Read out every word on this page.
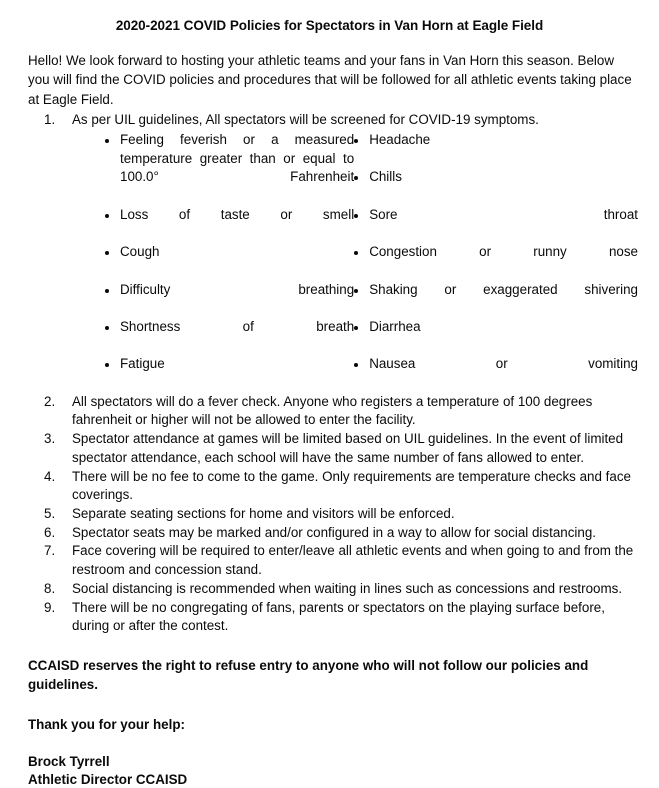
2020-2021 COVID Policies for Spectators in Van Horn at Eagle Field

Hello! We look forward to hosting your athletic teams and your fans in Van Horn this season. Below you will find the COVID policies and procedures that will be followed for all athletic events taking place at Eagle Field.

1.	As per UIL guidelines, All spectators will be screened for COVID-19 symptoms.
Feeling feverish or a measured temperature greater than or equal to 100.0° Fahrenheit
Loss of taste or smell
Cough
Difficulty breathing
Shortness of breath
Fatigue
Headache
Chills
Sore throat
Congestion or runny nose
Shaking or exaggerated shivering
Diarrhea
Nausea or vomiting
2.	All spectators will do a fever check. Anyone who registers a temperature of 100 degrees fahrenheit or higher will not be allowed to enter the facility.
3.	Spectator attendance at games will be limited based on UIL guidelines. In the event of limited spectator attendance, each school will have the same number of fans allowed to enter.
4.	There will be no fee to come to the game. Only requirements are temperature checks and face coverings.
5.	Separate seating sections for home and visitors will be enforced.
6.	Spectator seats may be marked and/or configured in a way to allow for social distancing.
7.	Face covering will be required to enter/leave all athletic events and when going to and from the restroom and concession stand.
8.	Social distancing is recommended when waiting in lines such as concessions and restrooms.
9.	There will be no congregating of fans, parents or spectators on the playing surface before, during or after the contest.

CCAISD reserves the right to refuse entry to anyone who will not follow our policies and guidelines.

Thank you for your help:

Brock Tyrrell

Athletic Director CCAISD
